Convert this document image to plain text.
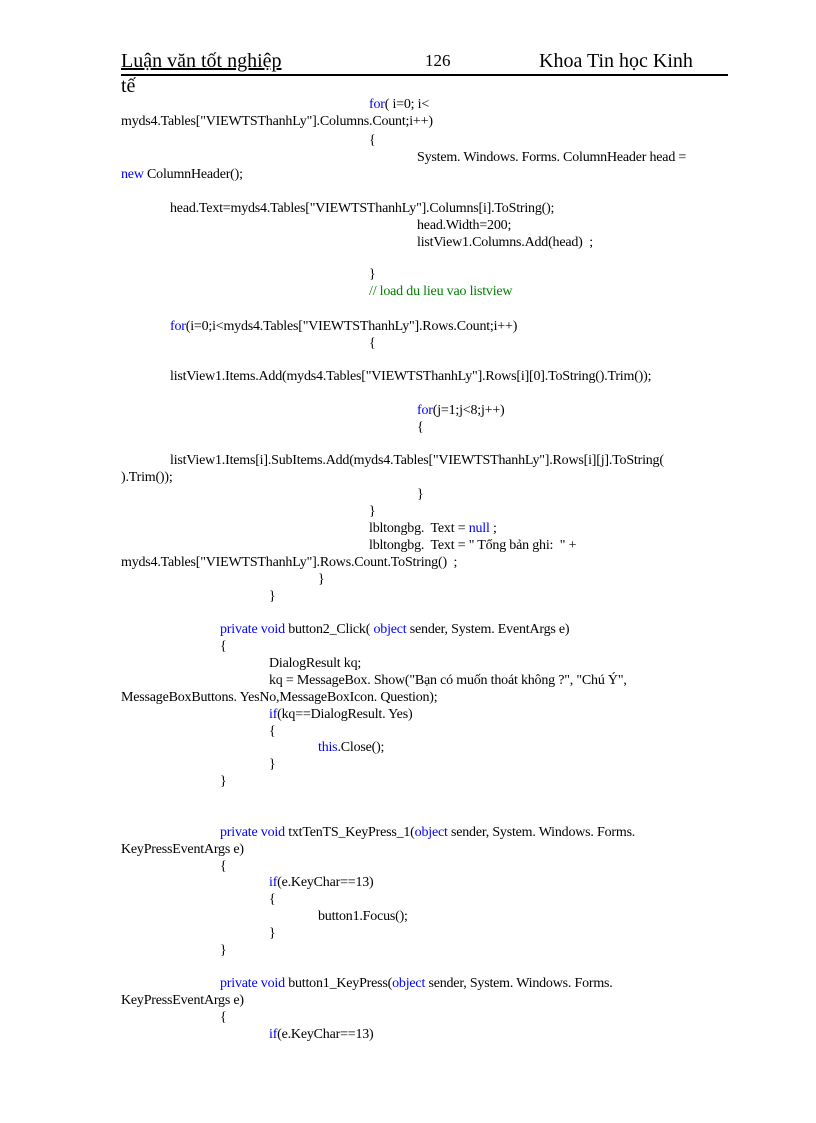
Luận văn tốt nghiệp	126	Khoa Tin học Kinh
tế
for( i=0; i<
myds4.Tables["VIEWTSThanhLy"].Columns.Count;i++)
{
System. Windows. Forms. ColumnHeader head =
new ColumnHeader();
head.Text=myds4.Tables["VIEWTSThanhLy"].Columns[i].ToString();
head.Width=200;
listView1.Columns.Add(head)  ;
}
// load du lieu vao listview
for(i=0;i<myds4.Tables["VIEWTSThanhLy"].Rows.Count;i++)
{
listView1.Items.Add(myds4.Tables["VIEWTSThanhLy"].Rows[i][0].ToString().Trim());
for(j=1;j<8;j++)
{
listView1.Items[i].SubItems.Add(myds4.Tables["VIEWTSThanhLy"].Rows[i][j].ToString(
).Trim());
}
}
lbltongbg.  Text = null ;
lbltongbg.  Text = " Tổng bản ghi:  " +
myds4.Tables["VIEWTSThanhLy"].Rows.Count.ToString()  ;
}
}
private void button2_Click( object sender, System. EventArgs e)
{
DialogResult kq;
kq = MessageBox. Show("Bạn có muốn thoát không ?", "Chú Ý",
MessageBoxButtons. YesNo,MessageBoxIcon. Question);
if(kq==DialogResult. Yes)
{
this.Close();
}
}
private void txtTenTS_KeyPress_1(object sender, System. Windows. Forms.
KeyPressEventArgs e)
{
if(e.KeyChar==13)
{
button1.Focus();
}
}
private void button1_KeyPress(object sender, System. Windows. Forms.
KeyPressEventArgs e)
{
if(e.KeyChar==13)
